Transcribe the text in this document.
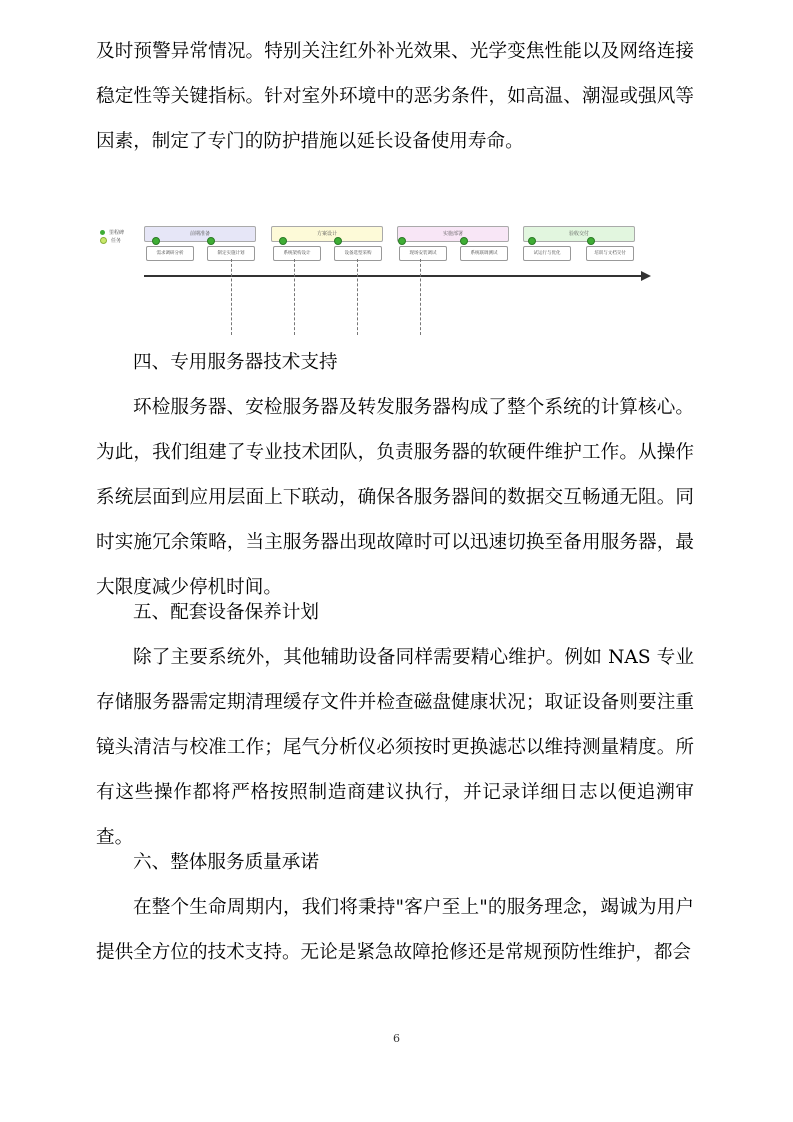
及时预警异常情况。特别关注红外补光效果、光学变焦性能以及网络连接稳定性等关键指标。针对室外环境中的恶劣条件，如高温、潮湿或强风等因素，制定了专门的防护措施以延长设备使用寿命。

里程碑
任务
前期准备	方案设计	实施部署	验收交付
需求调研分析	制定实施计划	系统架构设计	设备选型采购	现场安装调试	系统联调测试	试运行与优化	培训与文档交付

四、专用服务器技术支持

环检服务器、安检服务器及转发服务器构成了整个系统的计算核心。为此，我们组建了专业技术团队，负责服务器的软硬件维护工作。从操作系统层面到应用层面上下联动，确保各服务器间的数据交互畅通无阻。同时实施冗余策略，当主服务器出现故障时可以迅速切换至备用服务器，最大限度减少停机时间。

五、配套设备保养计划

除了主要系统外，其他辅助设备同样需要精心维护。例如 NAS 专业存储服务器需定期清理缓存文件并检查磁盘健康状况；取证设备则要注重镜头清洁与校准工作；尾气分析仪必须按时更换滤芯以维持测量精度。所有这些操作都将严格按照制造商建议执行，并记录详细日志以便追溯审查。

六、整体服务质量承诺

在整个生命周期内，我们将秉持"客户至上"的服务理念，竭诚为用户提供全方位的技术支持。无论是紧急故障抢修还是常规预防性维护，都会

6
